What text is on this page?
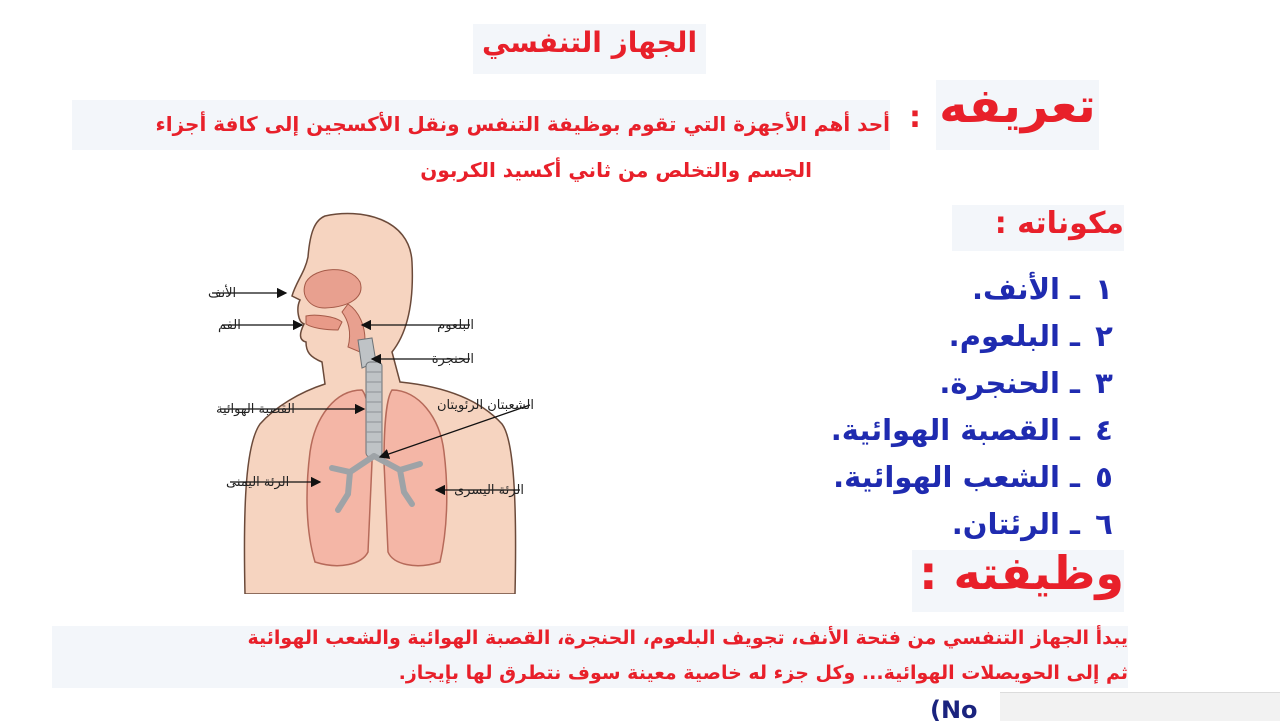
الجهاز التنفسي
تعريفه
:
أحد أهم الأجهزة التي تقوم بوظيفة التنفس ونقل الأكسجين إلى كافة أجزاء
الجسم والتخلص من ثاني أكسيد الكربون
مكوناته :
١ـالأنف.
٢ـالبلعوم.
٣ـالحنجرة.
٤ـالقصبة الهوائية.
٥ـالشعب الهوائية.
٦ـالرئتان.
وظيفته :
يبدأ الجهاز التنفسي من فتحة الأنف، تجويف البلعوم، الحنجرة، القصبة الهوائية والشعب الهوائية
ثم إلى الحويصلات الهوائية... وكل جزء له خاصية معينة سوف نتطرق لها بإيجاز.
(No
الأنف
الفم	البلعوم
الحنجرة
القصبة الهوائية	الشعبتان الرئويتان
الرئة اليمنى
الرئة اليسرى
